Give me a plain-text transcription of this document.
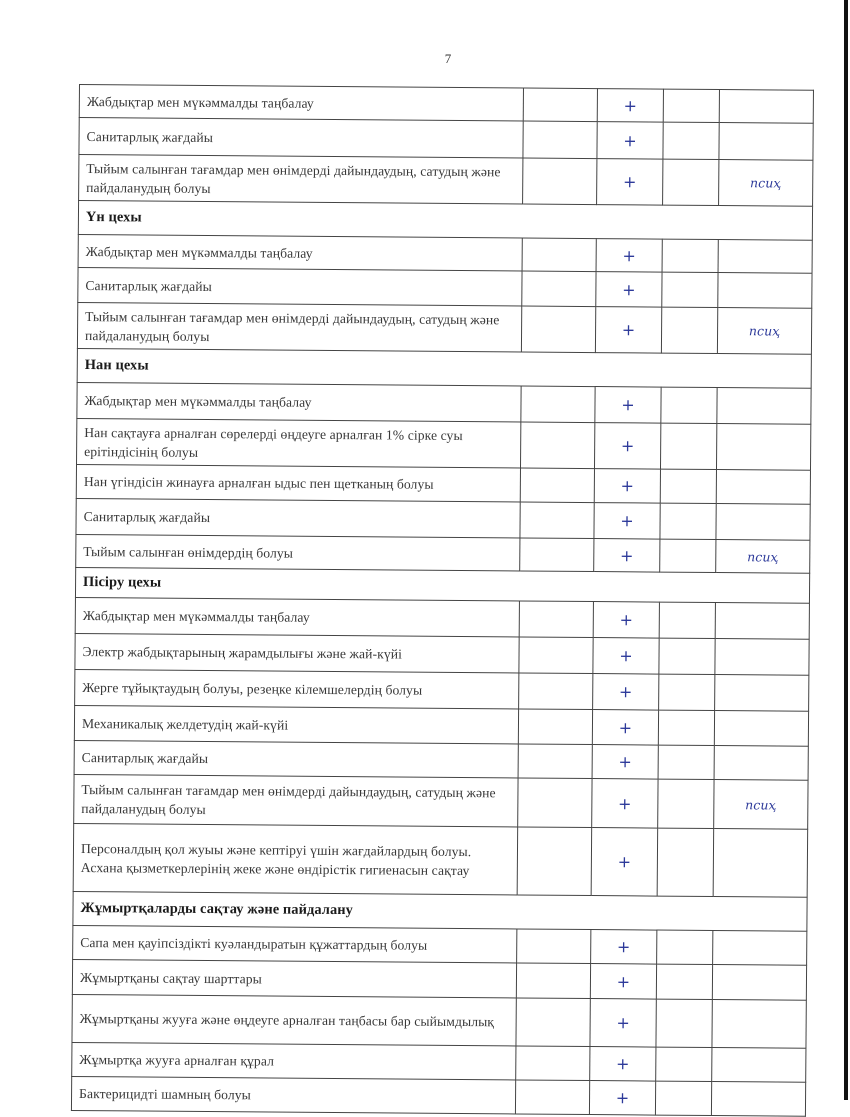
7
Жабдықтар мен мүкәммалды таңбалау		+		
Санитарлық жағдайы		+		
Тыйым салынған тағамдар мен өнімдерді дайындаудың, сатудың және пайдаланудың болуы		+		псиҳ
Үн цехы				
Жабдықтар мен мүкәммалды таңбалау		+		
Санитарлық жағдайы		+		
Тыйым салынған тағамдар мен өнімдерді дайындаудың, сатудың және пайдаланудың болуы		+		псиҳ
Нан цехы				
Жабдықтар мен мүкәммалды таңбалау		+		
Нан сақтауға арналған сөрелерді өңдеуге арналған 1% сірке суы ерітіндісінің болуы		+		
Нан үгіндісін жинауға арналған ыдыс пен щетканың болуы		+		
Санитарлық жағдайы		+		
Тыйым салынған өнімдердің болуы		+		псиҳ
Пісіру цехы				
Жабдықтар мен мүкәммалды таңбалау		+		
Электр жабдықтарының жарамдылығы және жай-күйі		+		
Жерге тұйықтаудың болуы, резеңке кілемшелердің болуы		+		
Механикалық желдетудің жай-күйі		+		
Санитарлық жағдайы		+		
Тыйым салынған тағамдар мен өнімдерді дайындаудың, сатудың және пайдаланудың болуы		+		псиҳ
Персоналдың қол жуыы және кептіруі үшін жағдайлардың болуы. Асхана қызметкерлерінің жеке және өндірістік гигиенасын сақтау		+		
Жұмыртқаларды сақтау және пайдалану				
Сапа мен қауіпсіздікті куәландыратын құжаттардың болуы		+		
Жұмыртқаны сақтау шарттары		+		
Жұмыртқаны жууға және өңдеуге арналған таңбасы бар сыйымдылық		+		
Жұмыртқа жууға арналған құрал		+		
Бактерицидті шамның болуы		+		
